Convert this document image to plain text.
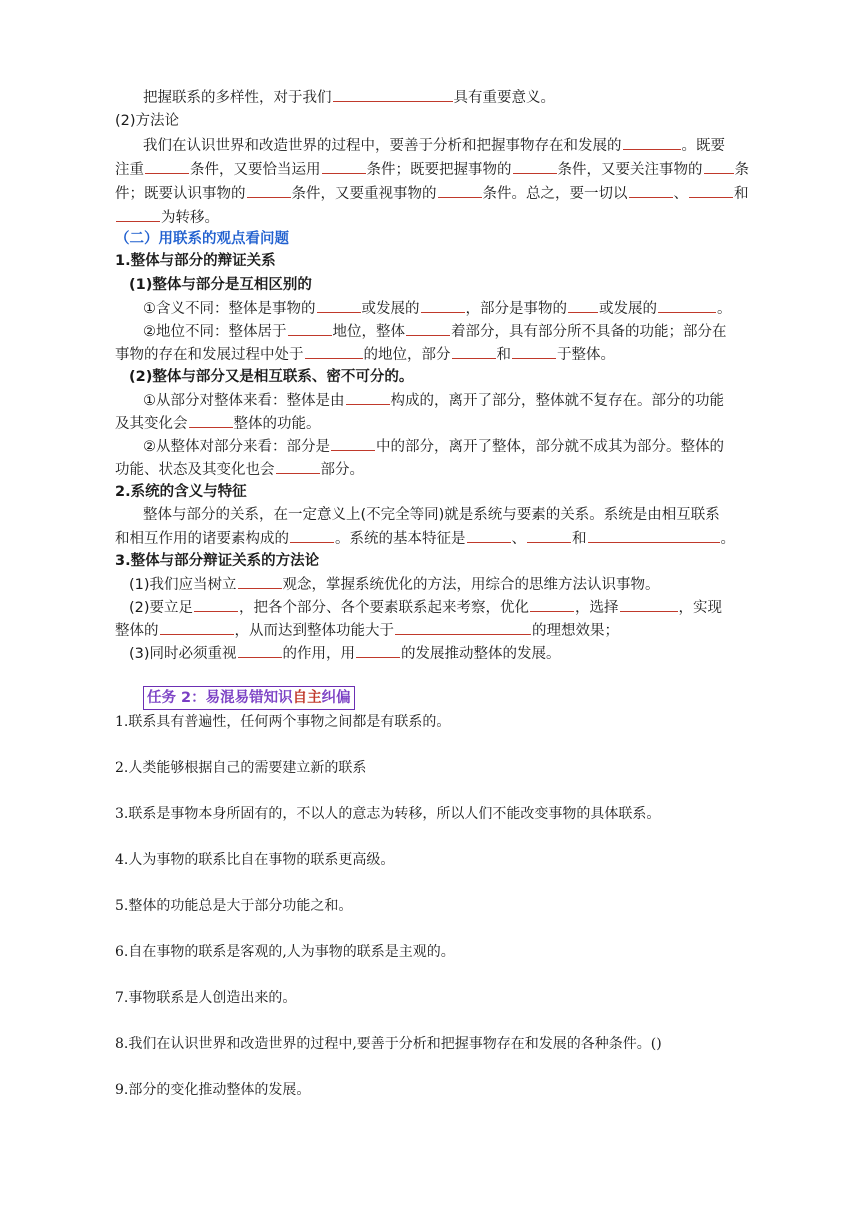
把握联系的多样性，对于我们	具有重要意义。
(2)方法论
我们在认识世界和改造世界的过程中，要善于分析和把握事物存在和发展的	。既要
注重	条件，又要恰当运用	条件；既要把握事物的	条件，又要关注事物的 条
件；既要认识事物的	条件，又要重视事物的	条件。总之，要一切以	、	和
为转移。
（二）用联系的观点看问题
1.整体与部分的辩证关系
(1)整体与部分是互相区别的
①含义不同：整体是事物的	或发展的	，部分是事物的 或发展的	。
②地位不同：整体居于	地位，整体	着部分，具有部分所不具备的功能；部分在
事物的存在和发展过程中处于	的地位，部分	和	于整体。
(2)整体与部分又是相互联系、密不可分的。
①从部分对整体来看：整体是由	构成的，离开了部分，整体就不复存在。部分的功能
及其变化会	整体的功能。
②从整体对部分来看：部分是	中的部分，离开了整体，部分就不成其为部分。整体的
功能、状态及其变化也会	部分。
2.系统的含义与特征
整体与部分的关系，在一定意义上(不完全等同)就是系统与要素的关系。系统是由相互联系
和相互作用的诸要素构成的	。系统的基本特征是	、	和	。
3.整体与部分辩证关系的方法论
(1)我们应当树立	观念，掌握系统优化的方法，用综合的思维方法认识事物。
(2)要立足	，把各个部分、各个要素联系起来考察，优化	，选择	，实现
整体的	，从而达到整体功能大于	的理想效果；
(3)同时必须重视	的作用，用	的发展推动整体的发展。
任务 2：易混易错知识自主纠偏
1.联系具有普遍性，任何两个事物之间都是有联系的。
2.人类能够根据自己的需要建立新的联系
3.联系是事物本身所固有的，不以人的意志为转移，所以人们不能改变事物的具体联系。
4.人为事物的联系比自在事物的联系更高级。
5.整体的功能总是大于部分功能之和。
6.自在事物的联系是客观的,人为事物的联系是主观的。
7.事物联系是人创造出来的。
8.我们在认识世界和改造世界的过程中,要善于分析和把握事物存在和发展的各种条件。()
9.部分的变化推动整体的发展。
